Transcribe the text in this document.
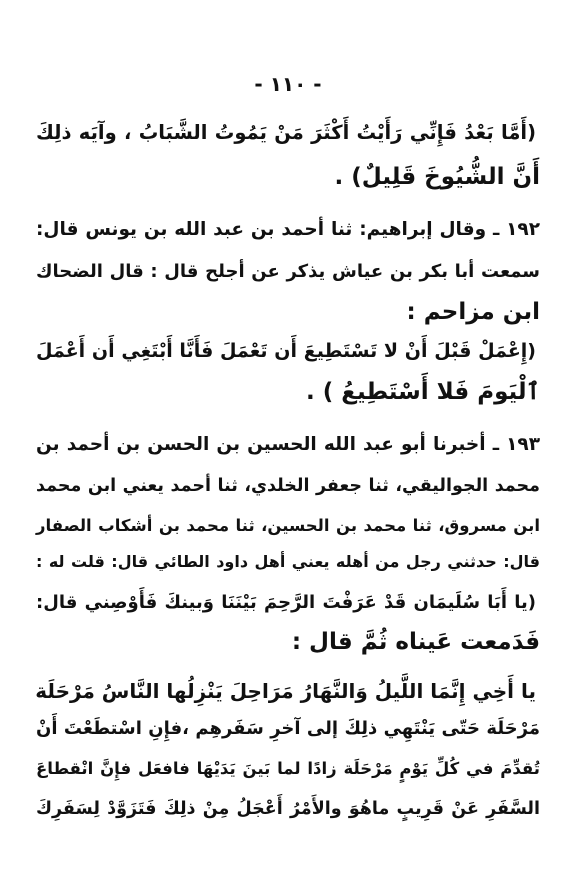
- ١١٠ -
(أَمَّا بَعْدُ فَإِنِّي رَأَيْتُ أَكْثَرَ مَنْ يَمُوتُ الشَّبَابُ ، وآيَه ذلِكَ
أَنَّ الشُّيُوخَ قَلِيلٌ) .
١٩٢ ـ وقال إبراهيم: ثنا أحمد بن عبد الله بن يونس قال:
سمعت أبا بكر بن عياش يذكر عن أجلح قال : قال الضحاك
ابن مزاحم :
(إِعْمَلْ قَبْلَ أَنْ لا تَسْتَطِيعَ أَن تَعْمَلَ فَأَنَّا أَبْتَغِي أَن أَعْمَلَ
ٱلْيَومَ فَلا أَسْتَطِيعُ ) .
١٩٣ ـ أخبرنا أبو عبد الله الحسين بن الحسن بن أحمد بن
محمد الجواليقي، ثنا جعفر الخلدي، ثنا أحمد يعني ابن محمد
ابن مسروق، ثنا محمد بن الحسين، ثنا محمد بن أشكاب الصفار
قال: حدثني رجل من أهله يعني أهل داود الطائي قال: قلت له :
(يا أَبَا سُلَيمَان قَدْ عَرَفْتَ الرَّحِمَ بَيْنَنَا وَبينكَ فَأَوْصِني قال:
فَدَمعت عَيناه ثُمَّ قال :
يا أَخِي إِنَّمَا اللَّيلُ وَالنَّهَارُ مَرَاحِلَ يَنْزِلُها النَّاسُ مَرْحَلَة
مَرْحَلَة حَتّى يَنْتَهِي ذلِكَ إلى آخرِ سَفَرهِم ،فإِنِ اسْتطَعْتَ أَنْ
تُقدِّمَ في كُلِّ يَوْمٍ مَرْحَلَة زادًا لما بَينَ يَدَيْهَا فافعَل فإِنَّ انْقطاعَ
السَّفَرِ عَنْ قَرِيبٍ ماهُوَ والأَمْرُ أَعْجَلُ مِنْ ذلِكَ فَتَزَوَّدْ لِسَفَرِكَ
